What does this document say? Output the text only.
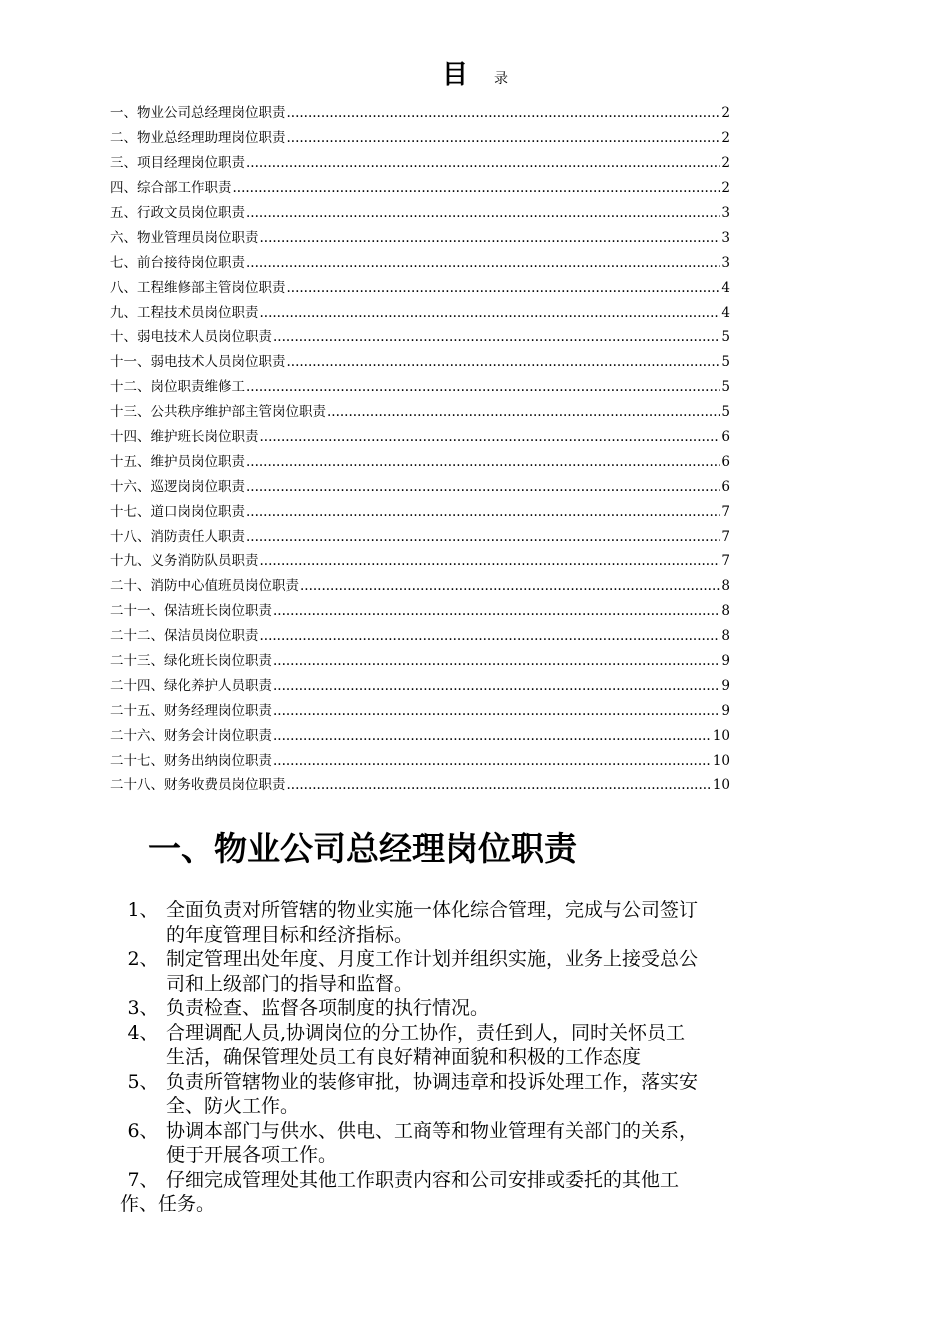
目 录
一、物业公司总经理岗位职责 .....	2
二、物业总经理助理岗位职责 .....	2
三、项目经理岗位职责 .....	2
四、综合部工作职责 .....	2
五、行政文员岗位职责 .....	3
六、物业管理员岗位职责 .....	3
七、前台接待岗位职责 .....	3
八、工程维修部主管岗位职责 .....	4
九、工程技术员岗位职责 .....	4
十、弱电技术人员岗位职责 .....	5
十一、弱电技术人员岗位职责 .....	5
十二、岗位职责维修工 .....	5
十三、公共秩序维护部主管岗位职责 .....	5
十四、维护班长岗位职责 .....	6
十五、维护员岗位职责 .....	6
十六、巡逻岗岗位职责 .....	6
十七、道口岗岗位职责 .....	7
十八、消防责任人职责 .....	7
十九、义务消防队员职责 .....	7
二十、消防中心值班员岗位职责 .....	8
二十一、保洁班长岗位职责 .....	8
二十二、保洁员岗位职责 .....	8
二十三、绿化班长岗位职责 .....	9
二十四、绿化养护人员职责 .....	9
二十五、财务经理岗位职责 .....	9
二十六、财务会计岗位职责 .....	10
二十七、财务出纳岗位职责 .....	10
二十八、财务收费员岗位职责 .....	10
一、物业公司总经理岗位职责
1、 全面负责对所管辖的物业实施一体化综合管理，完成与公司签订
的年度管理目标和经济指标。
2、 制定管理出处年度、月度工作计划并组织实施，业务上接受总公
司和上级部门的指导和监督。
3、 负责检查、监督各项制度的执行情况。
4、 合理调配人员,协调岗位的分工协作，责任到人，同时关怀员工
生活，确保管理处员工有良好精神面貌和积极的工作态度
5、 负责所管辖物业的装修审批，协调违章和投诉处理工作，落实安
全、防火工作。
6、 协调本部门与供水、供电、工商等和物业管理有关部门的关系，
便于开展各项工作。
7、 仔细完成管理处其他工作职责内容和公司安排或委托的其他工
作、任务。
